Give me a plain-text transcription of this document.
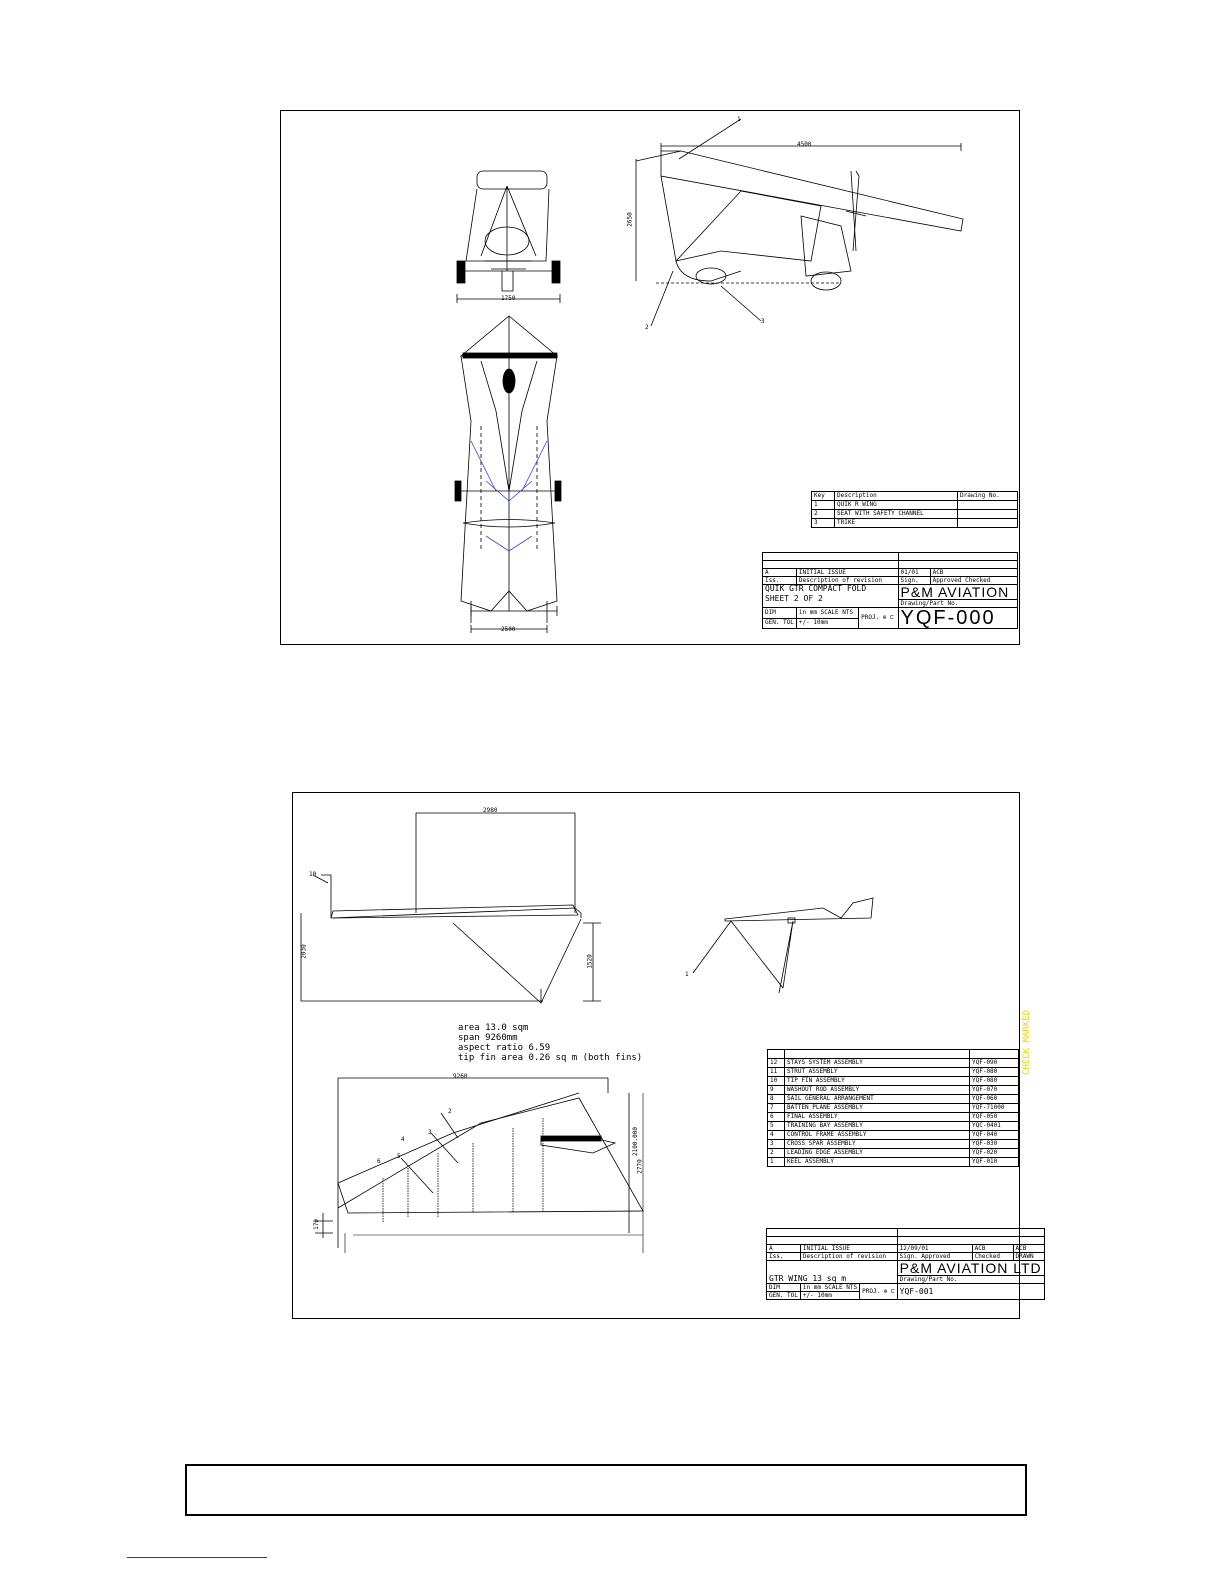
1750
4500
2650
2500
1
2
3
Key	Description	Drawing No.
1	QUIK R WING	
2	SEAT WITH SAFETY CHANNEL	
3	TRIKE	

A	INITIAL ISSUE		01/01	ACB
Iss.	Description of revision		Sign.	Approved Checked

QUIK GTR COMPACT FOLD
SHEET 2 OF 2			P&M AVIATION	
			Drawing/Part No.	
DIM	in mm SCALE NTS	PROJ. ⊕ ⊏	YQF-000	
GEN. TOL	+/- 10mm			
2980
2030
1520
9260
2100.000
2770
170
10
1
2
3
4
5
6
area 13.0 sqm
span 9260mm
aspect ratio 6.59
tip fin area 0.26 sq m (both fins)
			12	STAYS SYSTEM ASSEMBLY	YQF-090
11	STRUT ASSEMBLY	YQF-080
10	TIP FIN ASSEMBLY	YQF-080
9	WASHOUT ROD ASSEMBLY	YQF-070
8	SAIL GENERAL ARRANGEMENT	YQF-060
7	BATTEN PLANE ASSEMBLY	YQF-71000
6	FINAL ASSEMBLY	YQF-050
5	TRAINING BAY ASSEMBLY	YQC-0401
4	CONTROL FRAME ASSEMBLY	YQF-040
3	CROSS SPAR ASSEMBLY	YQF-030
2	LEADING EDGE ASSEMBLY	YQF-020
1	KEEL ASSEMBLY	YQF-010

A	INITIAL ISSUE		12/09/01	ACB	ACB
Iss.	Description of revision		Sign. Approved	Checked	DRAWN

GTR WING 13 sq m			P&M AVIATION LTD		
			Drawing/Part No.		
DIM	in mm SCALE NTS	PROJ. ⊕ ⊏	YQF-001		
GEN. TOL	+/- 10mm				
CHECK MARKED
